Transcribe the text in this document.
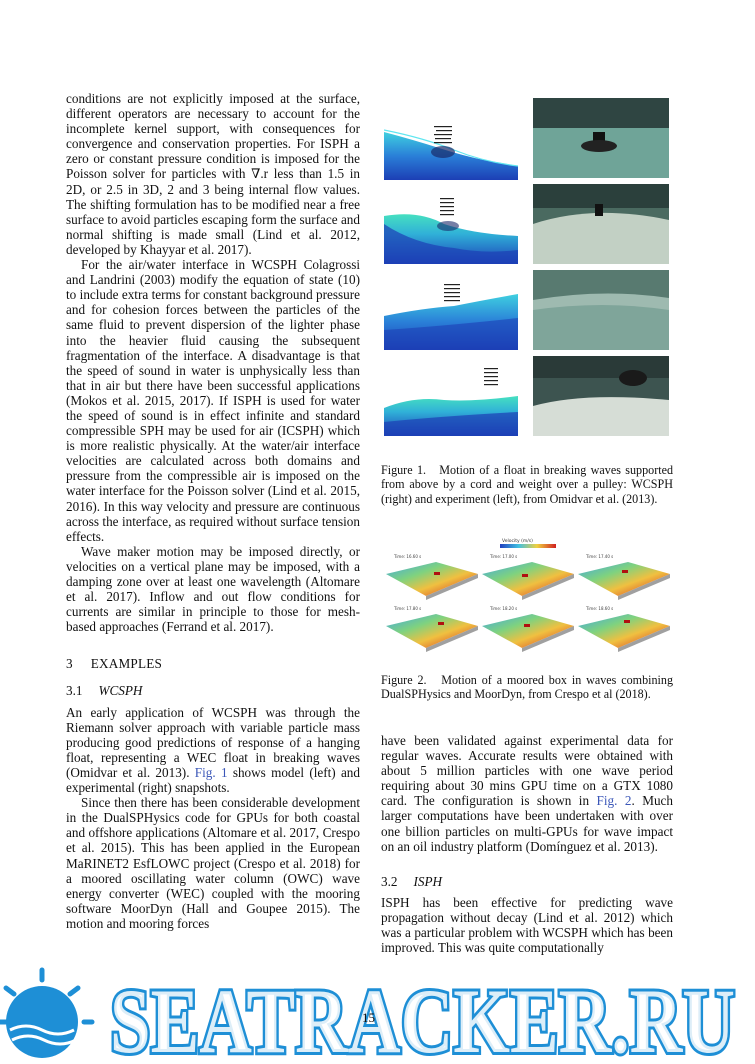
conditions are not explicitly imposed at the surface, different operators are necessary to account for the incomplete kernel support, with consequences for convergence and conservation properties. For ISPH a zero or constant pressure condition is imposed for the Poisson solver for particles with ∇.r less than 1.5 in 2D, or 2.5 in 3D, 2 and 3 being internal flow values. The shifting formulation has to be modified near a free surface to avoid particles escaping form the surface and normal shifting is made small (Lind et al. 2012, developed by Khayyar et al. 2017).

For the air/water interface in WCSPH Colagrossi and Landrini (2003) modify the equation of state (10) to include extra terms for constant background pressure and for cohesion forces between the particles of the same fluid to prevent dispersion of the lighter phase into the heavier fluid causing the subsequent fragmentation of the interface. A disadvantage is that the speed of sound in water is unphysically less than that in air but there have been successful applications (Mokos et al. 2015, 2017). If ISPH is used for water the speed of sound is in effect infinite and standard compressible SPH may be used for air (ICSPH) which is more realistic physically. At the water/air interface velocities are calculated across both domains and pressure from the compressible air is imposed on the water interface for the Poisson solver (Lind et al. 2015, 2016). In this way velocity and pressure are continuous across the interface, as required without surface tension effects.

Wave maker motion may be imposed directly, or velocities on a vertical plane may be imposed, with a damping zone over at least one wavelength (Altomare et al. 2017). Inflow and out flow conditions for currents are similar in principle to those for mesh-based approaches (Ferrand et al. 2017).

3 EXAMPLES
3.1 WCSPH

An early application of WCSPH was through the Riemann solver approach with variable particle mass producing good predictions of response of a hanging float, representing a WEC float in breaking waves (Omidvar et al. 2013). Fig. 1 shows model (left) and experimental (right) snapshots.

Since then there has been considerable development in the DualSPHysics code for GPUs for both coastal and offshore applications (Altomare et al. 2017, Crespo et al. 2015). This has been applied in the European MaRINET2 EsfLOWC project (Crespo et al. 2018) for a moored oscillating water column (OWC) wave energy converter (WEC) coupled with the mooring software MoorDyn (Hall and Goupee 2015). The motion and mooring forces

Figure 1. Motion of a float in breaking waves supported from above by a cord and weight over a pulley: WCSPH (right) and experiment (left), from Omidvar et al. (2013).
Velocity (m/s)
Time: 16.60 s	Time: 17.00 s	Time: 17.40 s
Time: 17.80 s	Time: 18.20 s	Time: 18.60 s
Figure 2. Motion of a moored box in waves combining DualSPHysics and MoorDyn, from Crespo et al (2018).

have been validated against experimental data for regular waves. Accurate results were obtained with about 5 million particles with one wave period requiring about 30 mins GPU time on a GTX 1080 card. The configuration is shown in Fig. 2. Much larger computations have been undertaken with over one billion particles on multi-GPUs for wave impact on an oil industry platform (Domínguez et al. 2013).

3.2 ISPH

ISPH has been effective for predicting wave propagation without decay (Lind et al. 2012) which was a particular problem with WCSPH which has been improved. This was quite computationally

SEATRACKER.RU
SEATRACKER.RU
15
